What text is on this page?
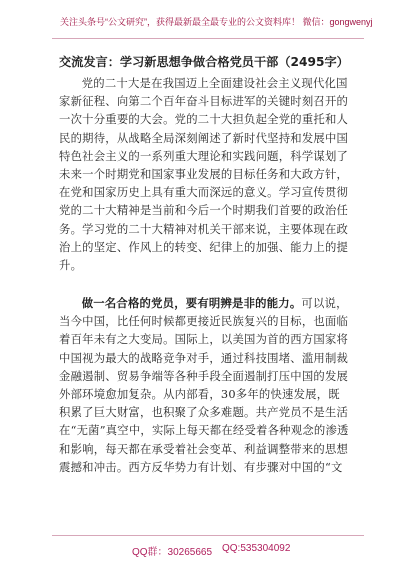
关注头条号“公文研究”，获得最新最全最专业的公文资料库！ 微信：gongwenyj
交流发言：学习新思想争做合格党员干部（2495字）
党的二十大是在我国迈上全面建设社会主义现代化国家新征程、向第二个百年奋斗目标进军的关键时刻召开的一次十分重要的大会。党的二十大担负起全党的重托和人民的期待，从战略全局深刻阐述了新时代坚持和发展中国特色社会主义的一系列重大理论和实践问题，科学谋划了未来一个时期党和国家事业发展的目标任务和大政方针，在党和国家历史上具有重大而深远的意义。学习宣传贯彻党的二十大精神是当前和今后一个时期我们首要的政治任务。学习党的二十大精神对机关干部来说，主要体现在政治上的坚定、作风上的转变、纪律上的加强、能力上的提升。
做一名合格的党员，要有明辨是非的能力。可以说，当今中国，比任何时候都更接近民族复兴的目标，也面临着百年未有之大变局。国际上，以美国为首的西方国家将中国视为最大的战略竞争对手，通过科技围堵、滥用制裁金融遏制、贸易争端等各种手段全面遏制打压中国的发展外部环境愈加复杂。从内部看，30多年的快速发展，既积累了巨大财富，也积聚了众多难题。共产党员不是生活在“无菌”真空中，实际上每天都在经受着各种观念的渗透和影响，每天都在承受着社会变革、利益调整带来的思想震撼和冲击。西方反华势力有计划、有步骤对中国的“文
QQ群：30265665 QQ:535304092
